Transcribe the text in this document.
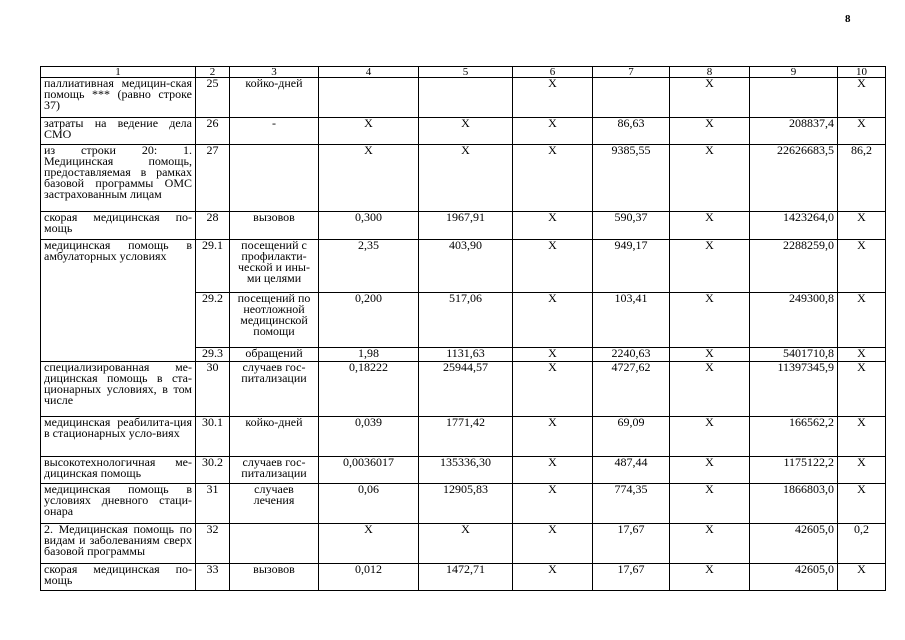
8
1	2	3	4	5	6	7	8	9	10
паллиативная медицин-ская помощь *** (равно строке 37)	25	койко-дней			X		X		X
затраты на ведение дела СМО	26	-	X	X	X	86,63	X	208837,4	X
из строки 20: 1. Медицинская помощь, предоставляемая в рамках базовой программы ОМС застрахованным лицам	27		X	X	X	9385,55	X	22626683,5	86,2
скорая медицинская по-мощь	28	вызовов	0,300	1967,91	X	590,37	X	1423264,0	X
медицинская помощь в амбулаторных условиях	29.1	посещений с профилакти-ческой и ины-ми целями	2,35	403,90	X	949,17	X	2288259,0	X
	29.2	посещений по неотложной медицинской помощи	0,200	517,06	X	103,41	X	249300,8	X
	29.3	обращений	1,98	1131,63	X	2240,63	X	5401710,8	X
специализированная ме-дицинская помощь в ста-ционарных условиях, в том числе	30	случаев гос-питализации	0,18222	25944,57	X	4727,62	X	11397345,9	X
медицинская реабилита-ция в стационарных усло-виях	30.1	койко-дней	0,039	1771,42	X	69,09	X	166562,2	X
высокотехнологичная ме-дицинская помощь	30.2	случаев гос-питализации	0,0036017	135336,30	X	487,44	X	1175122,2	X
медицинская помощь в условиях дневного стаци-онара	31	случаев лечения	0,06	12905,83	X	774,35	X	1866803,0	X
2. Медицинская помощь по видам и заболеваниям сверх базовой программы	32		X	X	X	17,67	X	42605,0	0,2
скорая медицинская по-мощь	33	вызовов	0,012	1472,71	X	17,67	X	42605,0	X
